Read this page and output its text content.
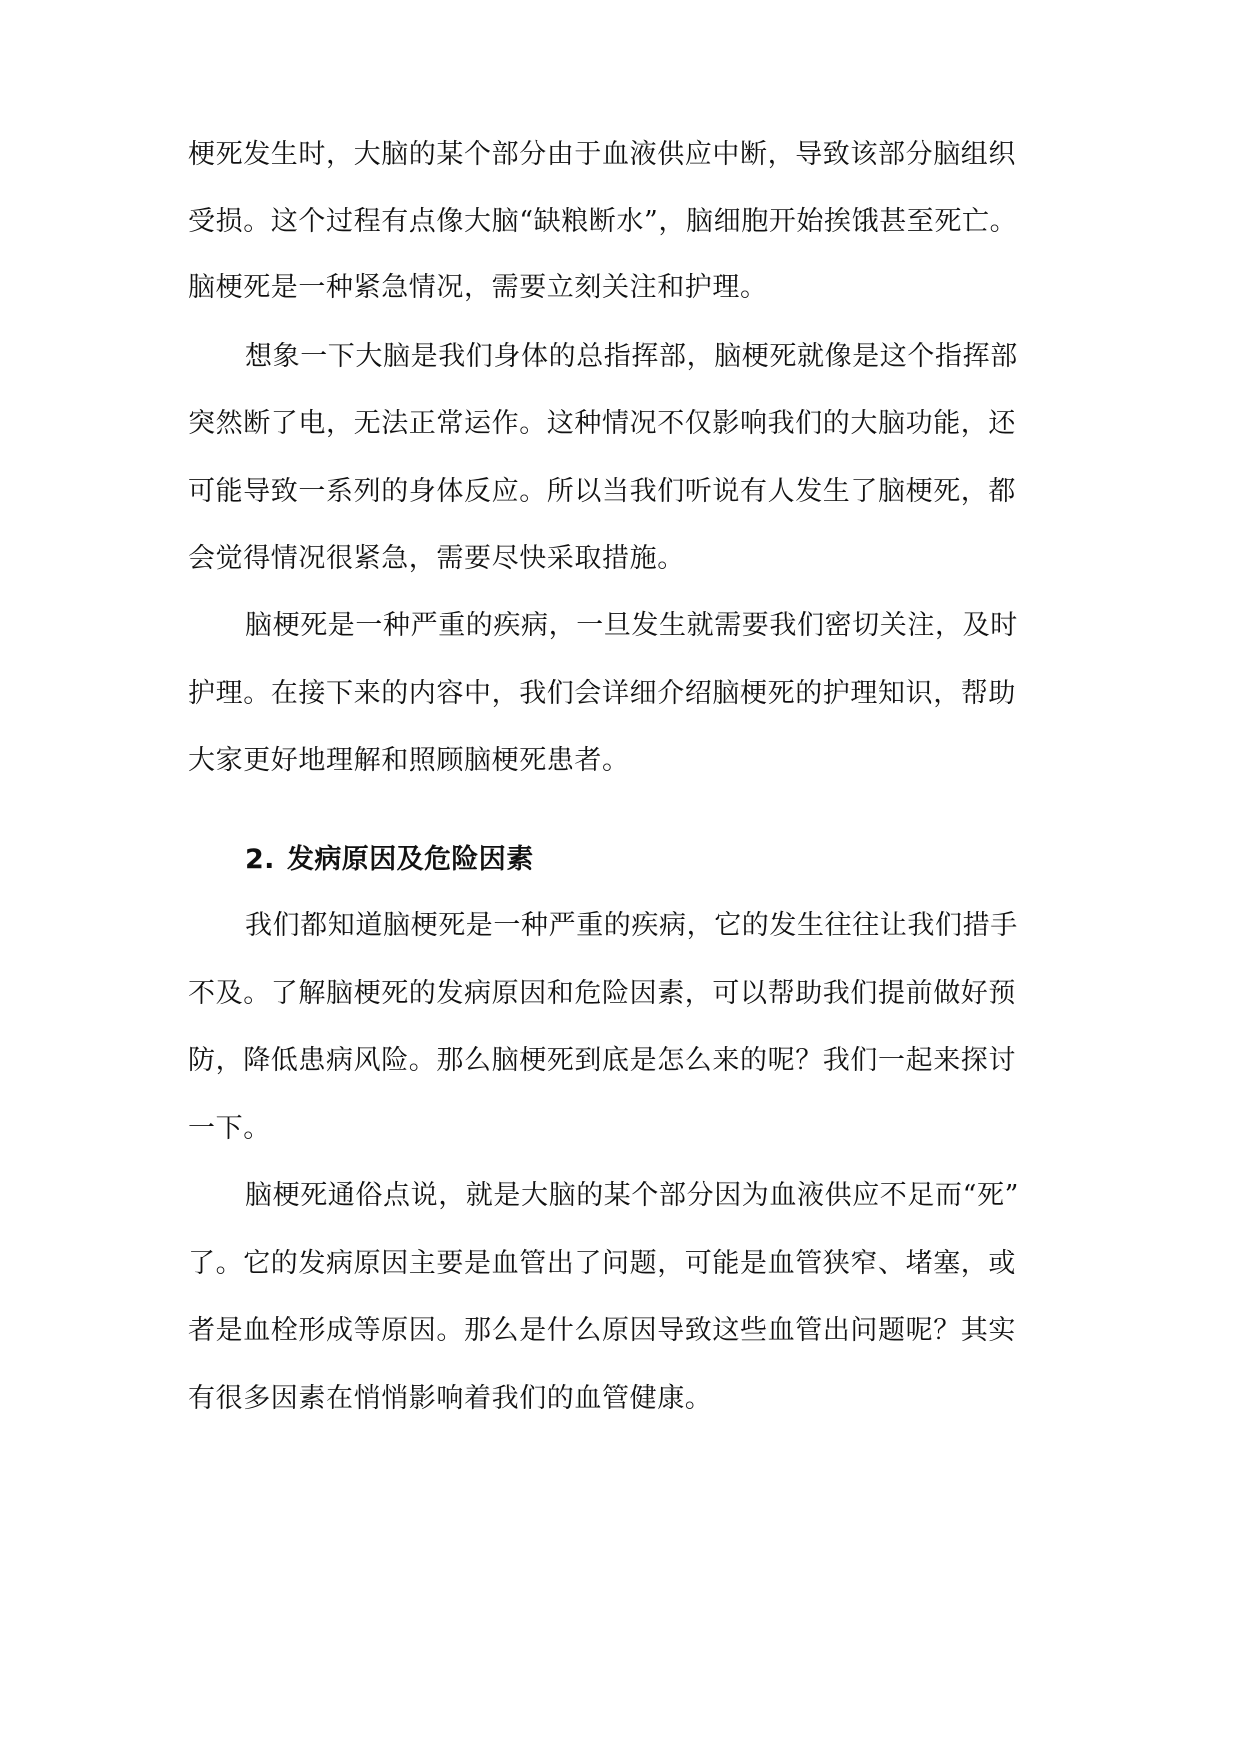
梗死发生时，大脑的某个部分由于血液供应中断，导致该部分脑组织
受损。这个过程有点像大脑“缺粮断水”，脑细胞开始挨饿甚至死亡。
脑梗死是一种紧急情况，需要立刻关注和护理。
想象一下大脑是我们身体的总指挥部，脑梗死就像是这个指挥部
突然断了电，无法正常运作。这种情况不仅影响我们的大脑功能，还
可能导致一系列的身体反应。所以当我们听说有人发生了脑梗死，都
会觉得情况很紧急，需要尽快采取措施。
脑梗死是一种严重的疾病，一旦发生就需要我们密切关注，及时
护理。在接下来的内容中，我们会详细介绍脑梗死的护理知识，帮助
大家更好地理解和照顾脑梗死患者。
2. 发病原因及危险因素
我们都知道脑梗死是一种严重的疾病，它的发生往往让我们措手
不及。了解脑梗死的发病原因和危险因素，可以帮助我们提前做好预
防，降低患病风险。那么脑梗死到底是怎么来的呢？我们一起来探讨
一下。
脑梗死通俗点说，就是大脑的某个部分因为血液供应不足而“死”
了。它的发病原因主要是血管出了问题，可能是血管狭窄、堵塞，或
者是血栓形成等原因。那么是什么原因导致这些血管出问题呢？其实
有很多因素在悄悄影响着我们的血管健康。
